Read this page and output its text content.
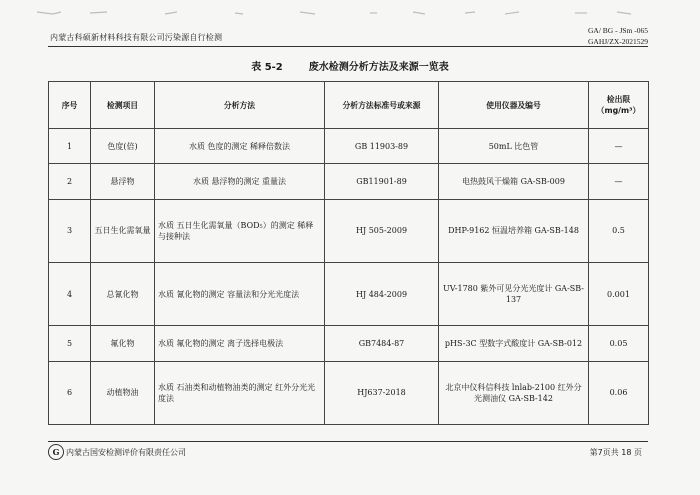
内蒙古科硕新材料科技有限公司污染源自行检测
GA/ BG - JSm -065
GAHJ/ZX-2021529
表 5-2	废水检测分析方法及来源一览表
序号	检测项目	分析方法	分析方法标准号或来源	使用仪器及编号	检出限
（mg/m³）

1	色度(倍)	水质 色度的测定 稀释倍数法	GB 11903-89	50mL 比色管	—
2	悬浮物	水质 悬浮物的测定 重量法	GB11901-89	电热鼓风干燥箱 GA-SB-009	—
3	五日生化需氧量	水质 五日生化需氧量（BOD₅）的测定 稀释与接种法	HJ 505-2009	DHP-9162 恒温培养箱 GA-SB-148	0.5
4	总氰化物	水质 氰化物的测定 容量法和分光光度法	HJ 484-2009	UV-1780 紫外可见分光光度计 GA-SB-137	0.001
5	氟化物	水质 氟化物的测定 离子选择电极法	GB7484-87	pHS-3C 型数字式酸度计 GA-SB-012	0.05
6	动植物油	水质 石油类和动植物油类的测定 红外分光光度法	HJ637-2018	北京中仪科信科技 lnlab-2100 红外分光测油仪 GA-SB-142	0.06
G 内蒙古国安检测评价有限责任公司	第7页共 18 页
